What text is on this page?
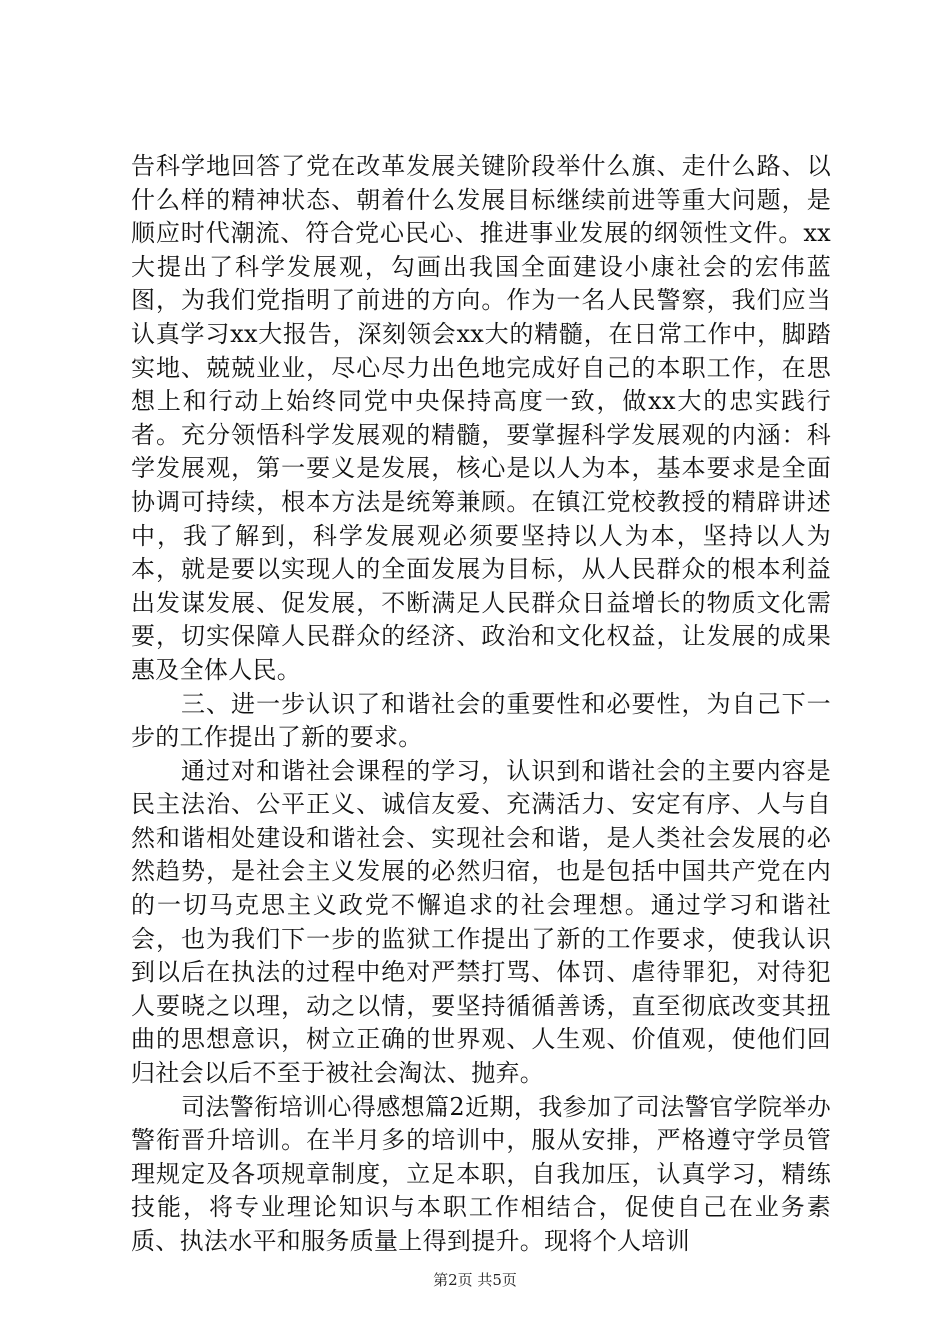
告科学地回答了党在改革发展关键阶段举什么旗、走什么路、以什么样的精神状态、朝着什么发展目标继续前进等重大问题，是顺应时代潮流、符合党心民心、推进事业发展的纲领性文件。xx大提出了科学发展观，勾画出我国全面建设小康社会的宏伟蓝图，为我们党指明了前进的方向。作为一名人民警察，我们应当认真学习xx大报告，深刻领会xx大的精髓，在日常工作中，脚踏实地、兢兢业业，尽心尽力出色地完成好自己的本职工作，在思想上和行动上始终同党中央保持高度一致，做xx大的忠实践行者。充分领悟科学发展观的精髓，要掌握科学发展观的内涵：科学发展观，第一要义是发展，核心是以人为本，基本要求是全面协调可持续，根本方法是统筹兼顾。在镇江党校教授的精辟讲述中，我了解到，科学发展观必须要坚持以人为本，坚持以人为本，就是要以实现人的全面发展为目标，从人民群众的根本利益出发谋发展、促发展，不断满足人民群众日益增长的物质文化需要，切实保障人民群众的经济、政治和文化权益，让发展的成果惠及全体人民。

三、进一步认识了和谐社会的重要性和必要性，为自己下一步的工作提出了新的要求。

通过对和谐社会课程的学习，认识到和谐社会的主要内容是民主法治、公平正义、诚信友爱、充满活力、安定有序、人与自然和谐相处建设和谐社会、实现社会和谐，是人类社会发展的必然趋势，是社会主义发展的必然归宿，也是包括中国共产党在内的一切马克思主义政党不懈追求的社会理想。通过学习和谐社会，也为我们下一步的监狱工作提出了新的工作要求，使我认识到以后在执法的过程中绝对严禁打骂、体罚、虐待罪犯，对待犯人要晓之以理，动之以情，要坚持循循善诱，直至彻底改变其扭曲的思想意识，树立正确的世界观、人生观、价值观，使他们回归社会以后不至于被社会淘汰、抛弃。

司法警衔培训心得感想篇2近期，我参加了司法警官学院举办警衔晋升培训。在半月多的培训中，服从安排，严格遵守学员管理规定及各项规章制度，立足本职，自我加压，认真学习，精练技能，将专业理论知识与本职工作相结合，促使自己在业务素质、执法水平和服务质量上得到提升。现将个人培训

第2页 共5页
